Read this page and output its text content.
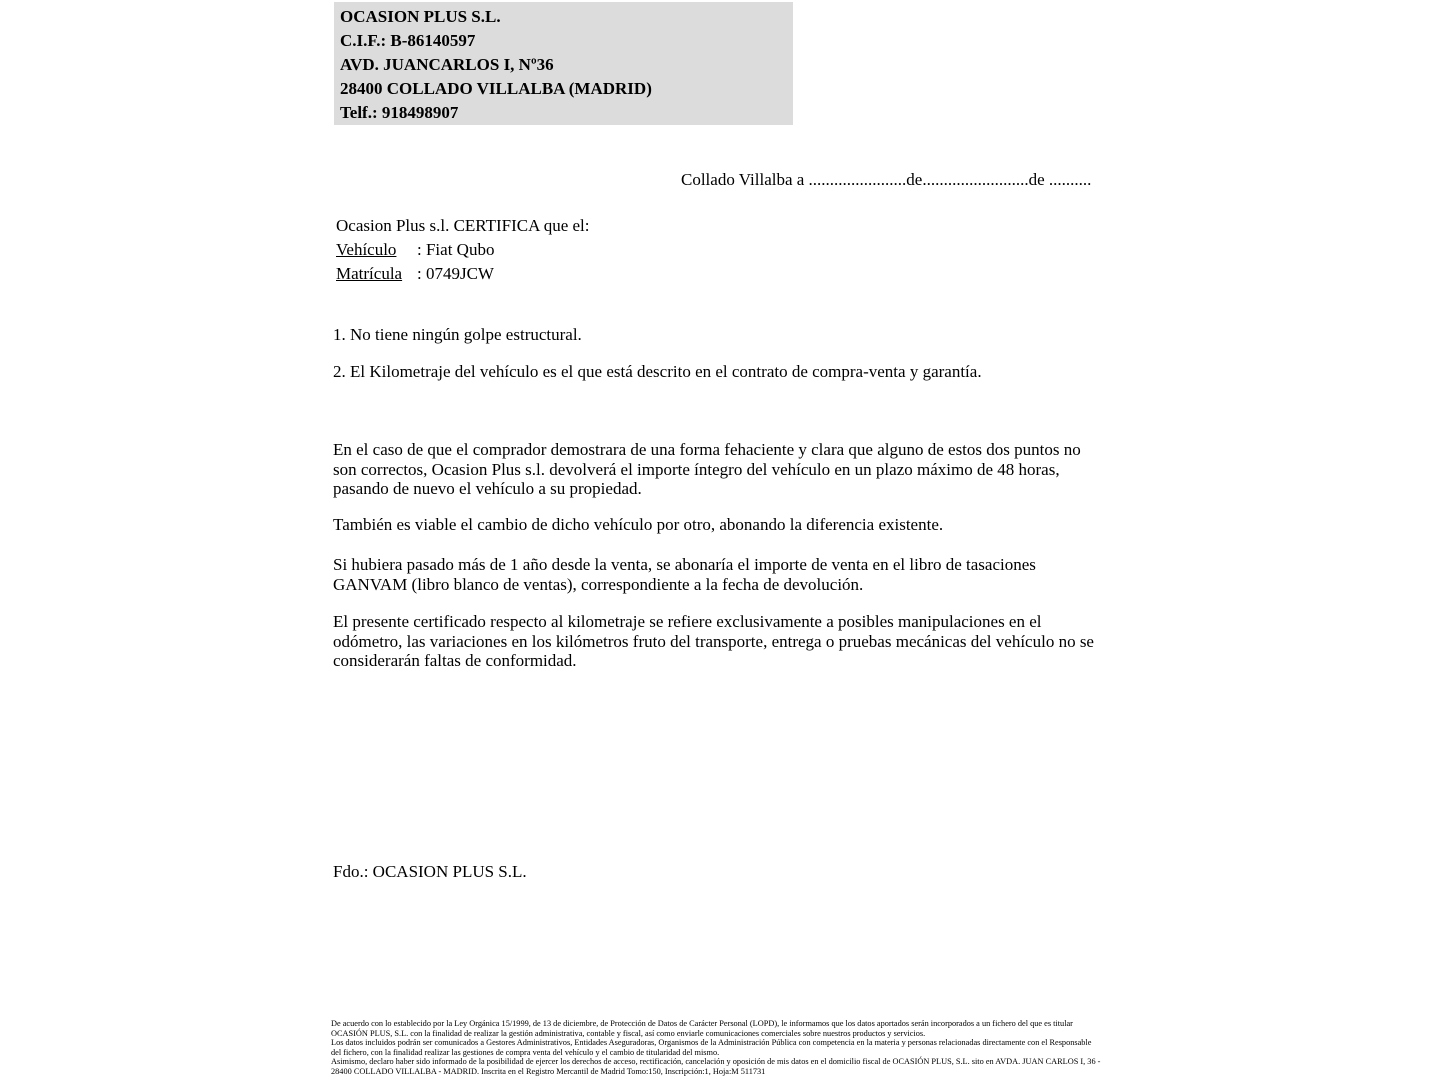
OCASION PLUS S.L.
C.I.F.: B-86140597
AVD. JUANCARLOS I, Nº36
28400 COLLADO VILLALBA (MADRID)
Telf.: 918498907
Collado Villalba a .......................de.........................de ..........
Ocasion Plus s.l. CERTIFICA que el:
Vehículo : Fiat Qubo
Matrícula : 0749JCW
1. No tiene ningún golpe estructural.
2. El Kilometraje del vehículo es el que está descrito en el contrato de compra-venta y garantía.
En el caso de que el comprador demostrara de una forma fehaciente y clara que alguno de estos dos puntos no son correctos, Ocasion Plus s.l. devolverá el importe íntegro del vehículo en un plazo máximo de 48 horas, pasando de nuevo el vehículo a su propiedad.
También es viable el cambio de dicho vehículo por otro, abonando la diferencia existente.
Si hubiera pasado más de 1 año desde la venta, se abonaría el importe de venta en el libro de tasaciones GANVAM (libro blanco de ventas), correspondiente a la fecha de devolución.
El presente certificado respecto al kilometraje se refiere exclusivamente a posibles manipulaciones en el odómetro, las variaciones en los kilómetros fruto del transporte, entrega o pruebas mecánicas del vehículo no se considerarán faltas de conformidad.
Fdo.: OCASION PLUS S.L.

De acuerdo con lo establecido por la Ley Orgánica 15/1999, de 13 de diciembre, de Protección de Datos de Carácter Personal (LOPD), le informamos que los datos aportados serán incorporados a un fichero del que es titular OCASIÓN PLUS, S.L. con la finalidad de realizar la gestión administrativa, contable y fiscal, así como enviarle comunicaciones comerciales sobre nuestros productos y servicios.

Los datos incluidos podrán ser comunicados a Gestores Administrativos, Entidades Aseguradoras, Organismos de la Administración Pública con competencia en la materia y personas relacionadas directamente con el Responsable del fichero, con la finalidad realizar las gestiones de compra venta del vehículo y el cambio de titularidad del mismo.

Asimismo, declaro haber sido informado de la posibilidad de ejercer los derechos de acceso, rectificación, cancelación y oposición de mis datos en el domicilio fiscal de OCASIÓN PLUS, S.L. sito en AVDA. JUAN CARLOS I, 36 - 28400 COLLADO VILLALBA - MADRID. Inscrita en el Registro Mercantil de Madrid Tomo:150, Inscripción:1, Hoja:M 511731
